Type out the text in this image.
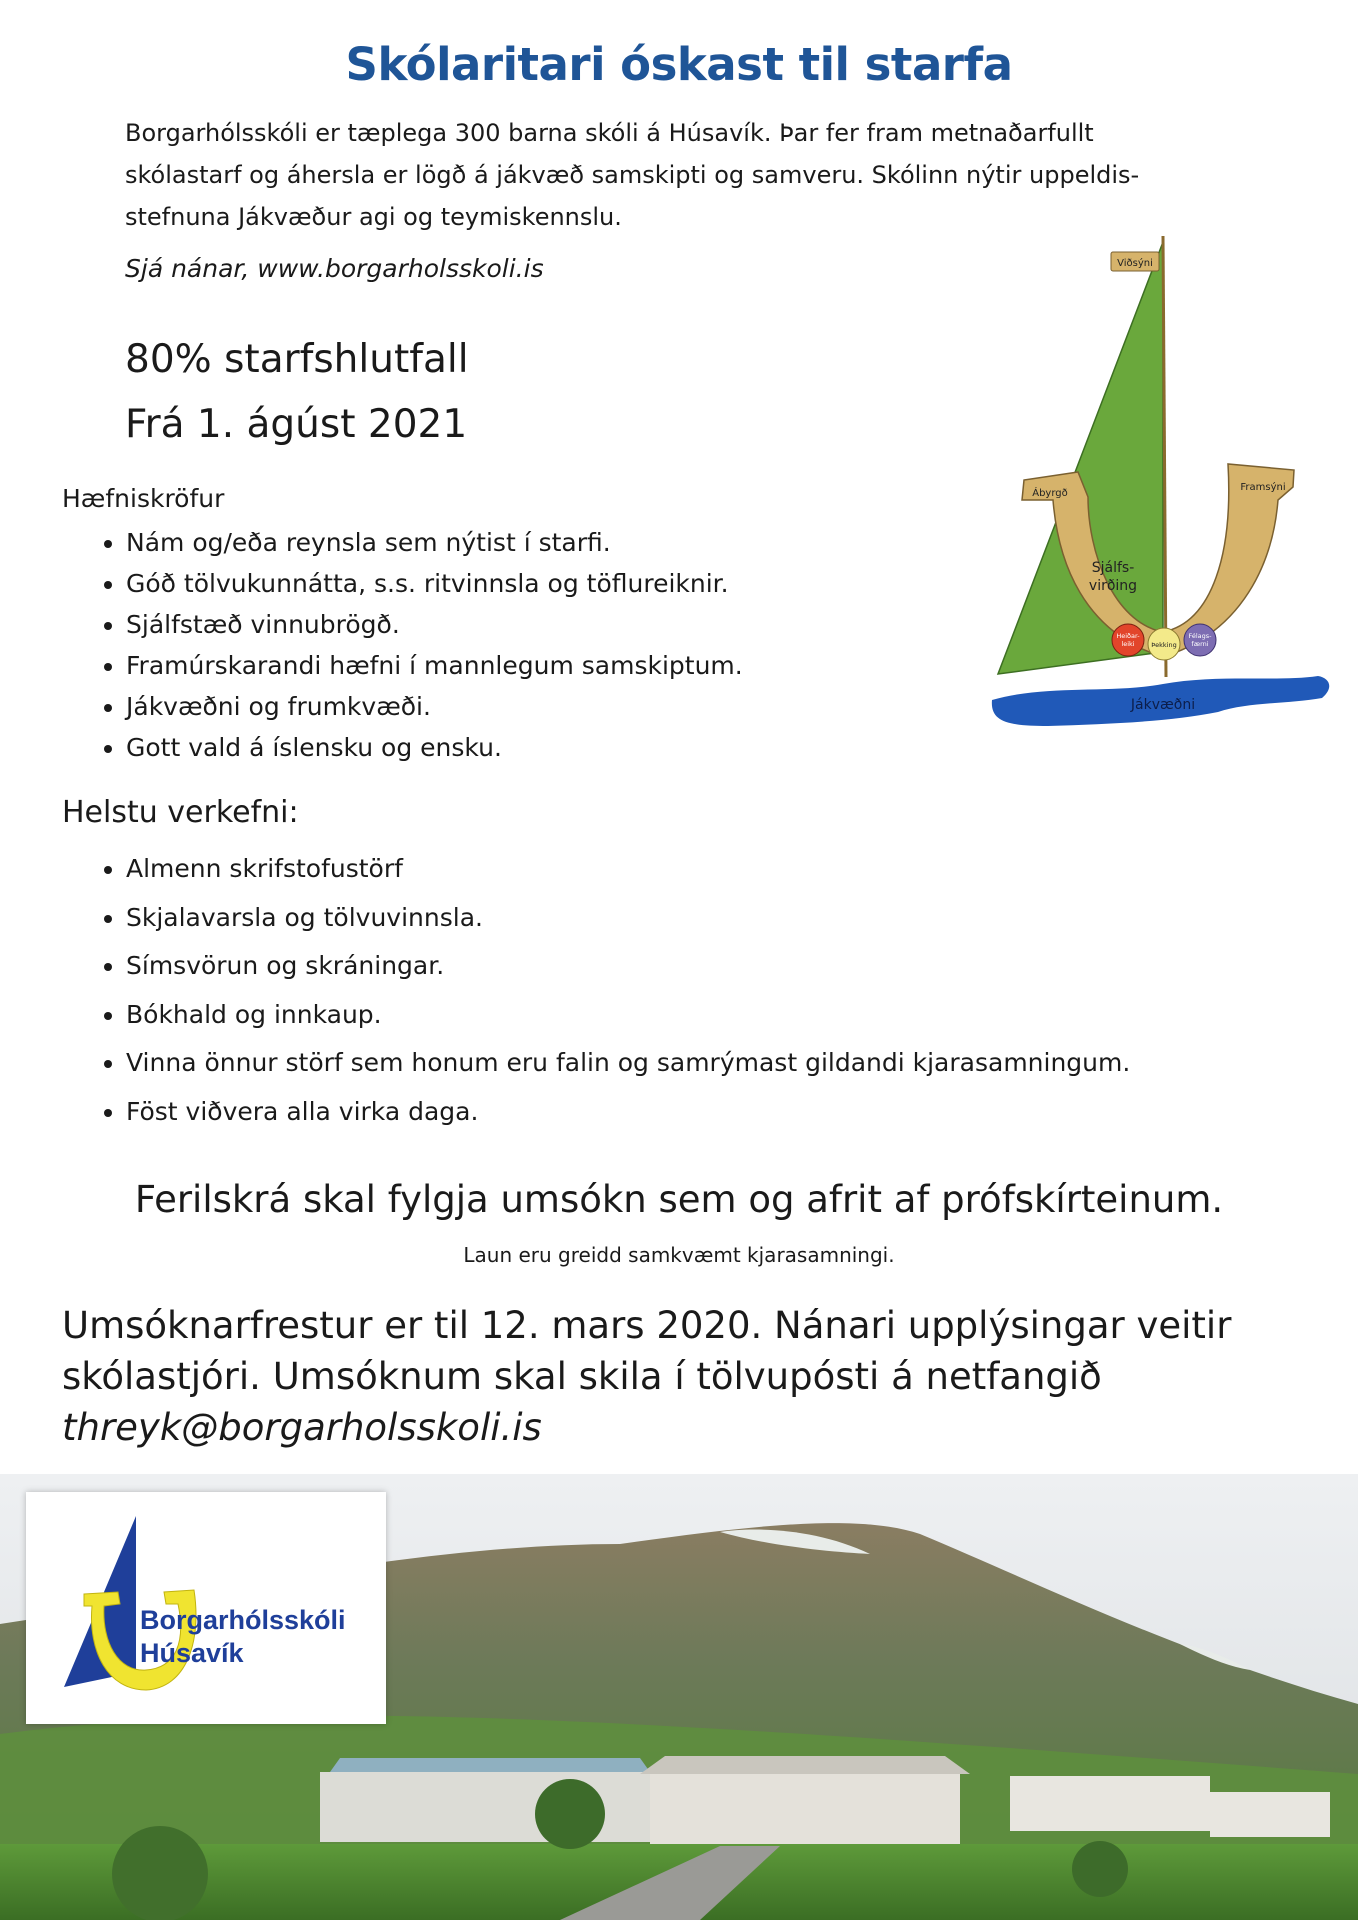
Skólaritari óskast til starfa

Borgarhólsskóli er tæplega 300 barna skóli á Húsavík. Þar fer fram metnaðarfullt
skólastarf og áhersla er lögð á jákvæð samskipti og samveru. Skólinn nýtir uppeldis-
stefnuna Jákvæður agi og teymiskennslu.

Sjá nánar, www.borgarholsskoli.is
80% starfshlutfall
Frá 1. ágúst 2021
Hæfniskröfur
• Nám og/eða reynsla sem nýtist í starfi.
• Góð tölvukunnátta, s.s. ritvinnsla og töflureiknir.
• Sjálfstæð vinnubrögð.
• Framúrskarandi hæfni í mannlegum samskiptum.
• Jákvæðni og frumkvæði.
• Gott vald á íslensku og ensku.
Helstu verkefni:
• Almenn skrifstofustörf
• Skjalavarsla og tölvuvinnsla.
• Símsvörun og skráningar.
• Bókhald og innkaup.
• Vinna önnur störf sem honum eru falin og samrýmast gildandi kjarasamningum.
• Föst viðvera alla virka daga.
Ferilskrá skal fylgja umsókn sem og afrit af prófskírteinum.
Laun eru greidd samkvæmt kjarasamningi.
Umsóknarfrestur er til 12. mars 2020. Nánari upplýsingar veitir
skólastjóri. Umsóknum skal skila í tölvupósti á netfangið
threyk@borgarholsskoli.is
Viðsýni
Ábyrgð
Framsýni
Sjálfs-
virðing
Heiðar-
leiki	Þekking
Félags-
færni
Jákvæðni
Borgarhólsskóli
Húsavík
